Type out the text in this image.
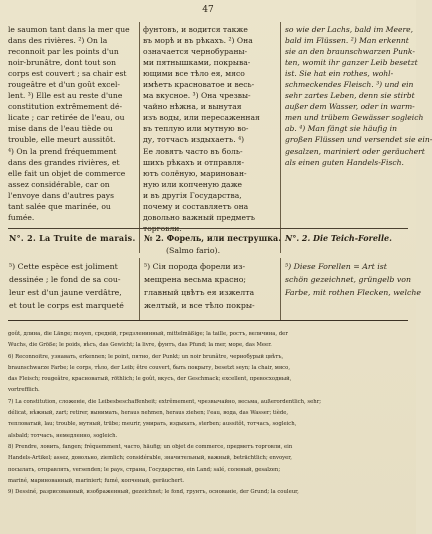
47

le saumon tant dans la mer que

dans des rivières. ²) On la

reconnoit par les points d'un

noir-brunâtre, dont tout son

corps est couvert ; sa chair est

rougeâtre et d'un goût excel-

lent. ³) Elle est au reste d'une

constitution extrêmement dé-

licate ; car retirée de l'eau, ou

mise dans de l'eau tiède ou

trouble, elle meurt aussitôt.

⁴) On la prend fréquemment

dans des grandes rivières, et

elle fait un objet de commerce

assez considérable, car on

l'envoye dans d'autres pays

tant salée que marinée, ou

fumée.

фунтовъ, и водится также

въ морѣ и въ рѣкахъ. ²) Она

означается чернобураны-

ми пятнышками, покрыва-

ющими все тѣло ея, мясо

имѣетъ красноватое и весь-

ма вкусное. ³) Она чрезвы-

чайно нѣжна, и вынутая

изъ воды, или пересаженная

въ теплую или мутную во-

ду, тотчасъ издыхаетъ. ⁴)

Ее ловятъ часто въ боль-

шихъ рѣкахъ и отправля-

ютъ солёную, маринован-

ную или копченую даже

и въ другія Государства,

почему и составляетъ она

довольно важный предметъ

so wie der Lachs, bald im Meere,

bald im Flüssen. ²) Man erkennt

sie an den braunschwarzen Punk-

ten, womit ihr ganzer Leib besetzt

ist. Sie hat ein rothes, wohl-

schmeckendes Fleisch. ³) und ein

sehr zartes Leben, denn sie stirbt

außer dem Wasser, oder in warm-

men und trübem Gewässer sogleich

ab. ⁴) Man fängt sie häufig in

großen Flüssen und versendet sie ein-

gesalzen, mariniert oder geräuchert

als einen guten Handels-Fisch.

N°. 2. La Truite de marais. № 2. Форель, или пеструшка.
(Salmo fario).
N°. 2. Die Teich-Forelle.
⁵) Cette espèce est joliment
dessinée ; le fond de sa cou-
leur est d'un jaune verdâtre,
et tout le corps est marqueté
⁵) Сія порода форели из-
мещрена весьма красно;
главный цвѣтъ ея изжелта
желтый, и все тѣло покры-
⁵) Diese Forellen = Art ist
schön gezeichnet, grüngelb von
Farbe, mit rothen Flecken, welche

goût, длина, die Länge; moyen, средній, гредзленинный, mittelmäßige; la taille, ростъ, величина, der

Wuchs, die Größe; le poids, вѣсъ, das Gewicht; la livre, фунтъ, das Pfund; la mer, море, das Meer.

6) Reconnoitre, узнавать, erkennen; le point, пятно, der Punkt; un noir brunâtre, чернобурый цвѣтъ,

braunschwarze Farbe; le corps, тѣло, der Leib; être couvert, быть покрыту, besetzt seyn; la chair, мясо,

das Fleisch; rougeâtre, красноватый, röthlich; le goût, вкусъ, der Geschmack; excellent, превосходный,

vortrefflich.

7) La constitution, сложеніе, die Leibesbeschaffenheit; extrêmement, чрезвычайно, весьма, außerordentlich, sehr;

délicat, нѣжный, zart; retirer, вынимать, heraus nehmen, heraus ziehen; l'eau, вода, das Wasser; tiède,

тепловатый, lau; trouble, мутный, trübe; meurir, умирать, издыхать, sterben; aussitôt, тотчасъ, sogleich,

alsbald; тотчасъ, немедленно, sogleich.

8) Prendre, ловить, fangen; fréquemment, часто, häufig; un objet de commerce, предметъ торговли, ein

Handels-Artikel; assez, довольно, ziemlich; considérable, значительный, важный, beträchtlich; envoyer,

посылать, отправлять, versenden; le pays, страна, Государство, ein Land; salé, соленый, gesalzen;

mariné, маринованный, mariniert; fumé, копченый, geräuchert.

9) Dessiné, разрисованный, изображенный, gezeichnet; le fond, грунтъ, основаніе, der Grund; la couleur,
